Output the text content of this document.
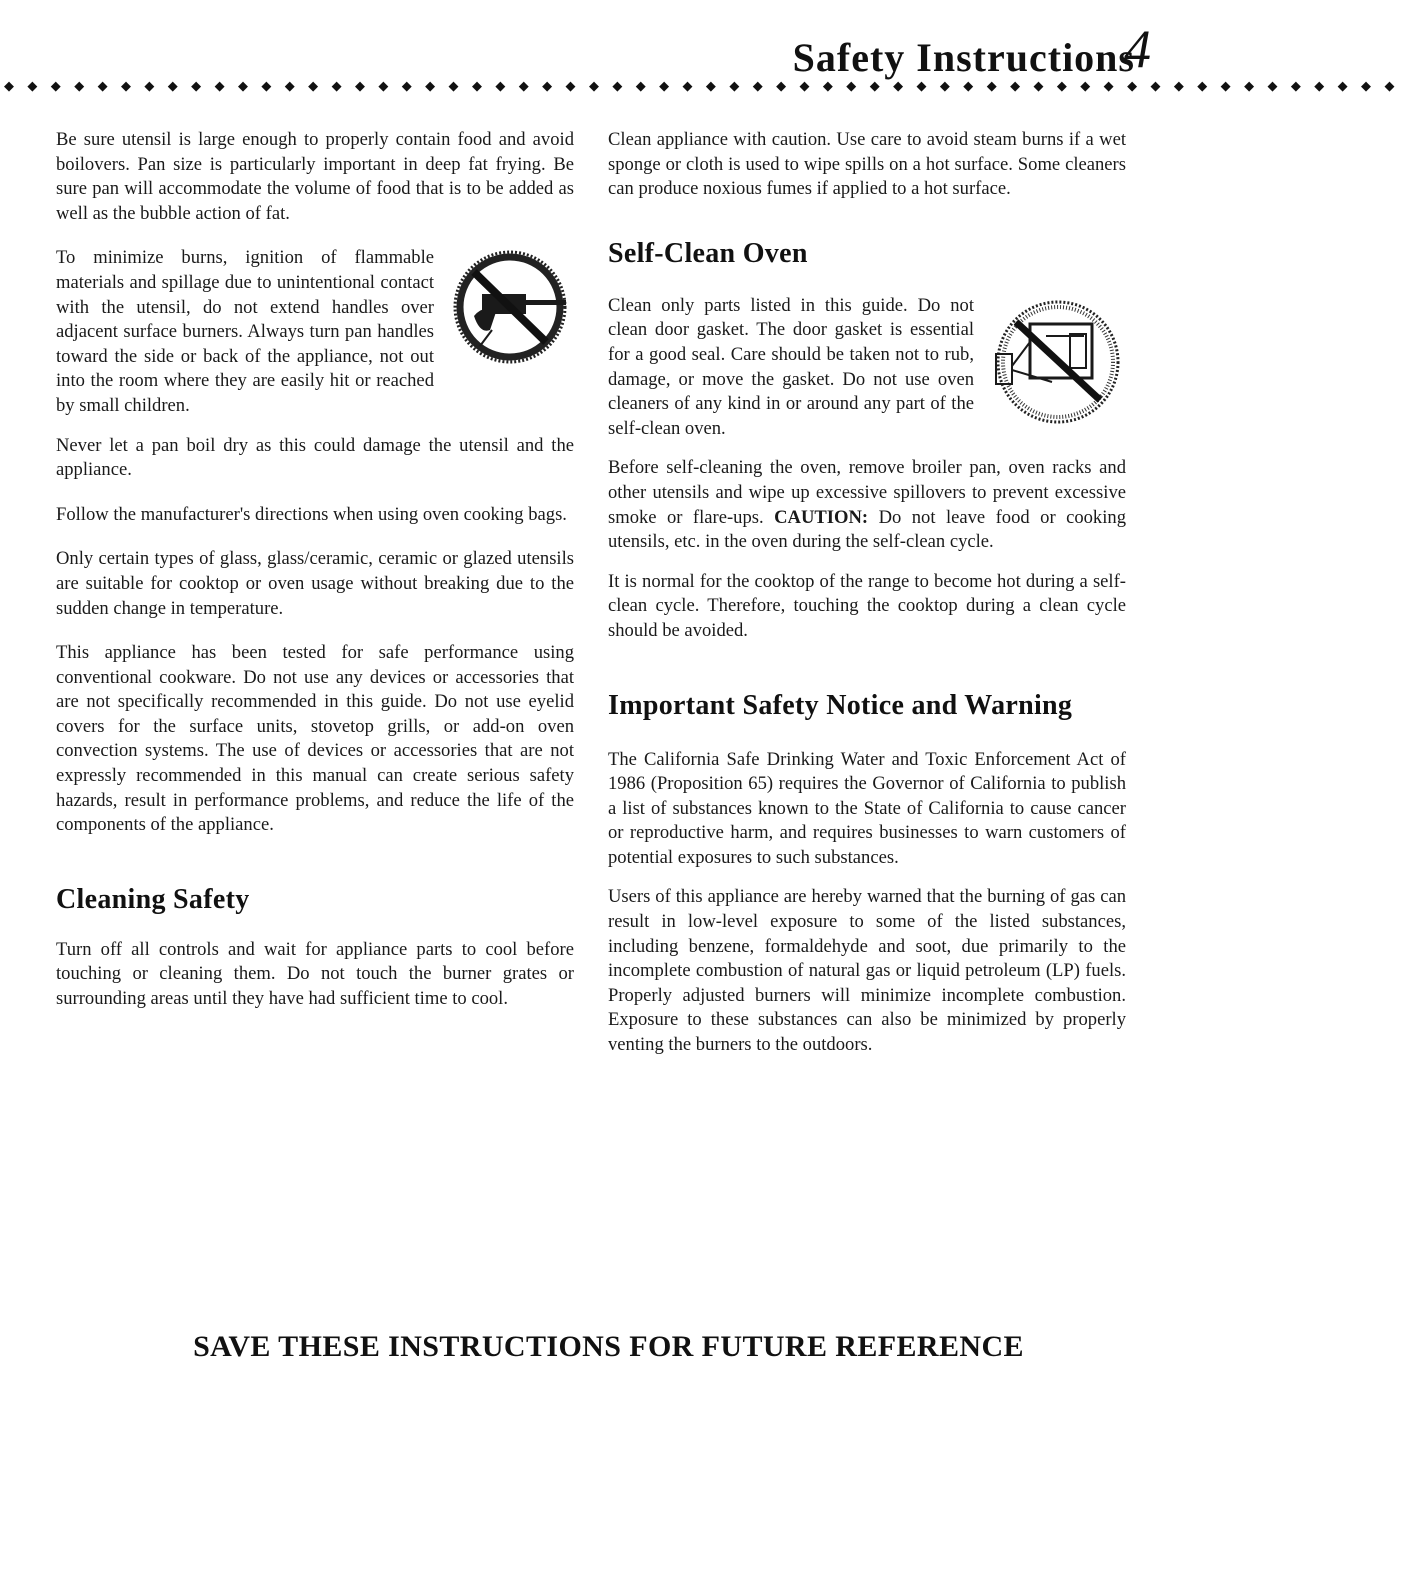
Safety Instructions
4
◆◆◆◆◆◆◆◆◆◆◆◆◆◆◆◆◆◆◆◆◆◆◆◆◆◆◆◆◆◆◆◆◆◆◆◆◆◆◆◆◆◆◆◆◆◆◆◆◆◆◆◆◆◆◆◆◆◆◆◆

Be sure utensil is large enough to properly contain food and avoid boilovers. Pan size is particularly important in deep fat frying. Be sure pan will accommodate the volume of food that is to be added as well as the bubble action of fat.

To minimize burns, ignition of flammable materials and spillage due to unintentional contact with the utensil, do not extend handles over adjacent surface burners. Always turn pan handles toward the side or back of the appliance, not out into the room where they are easily hit or reached by small children.

Never let a pan boil dry as this could damage the utensil and the appliance.

Follow the manufacturer's directions when using oven cooking bags.

Only certain types of glass, glass/ceramic, ceramic or glazed utensils are suitable for cooktop or oven usage without breaking due to the sudden change in temperature.

This appliance has been tested for safe performance using conventional cookware. Do not use any devices or accessories that are not specifically recommended in this guide. Do not use eyelid covers for the surface units, stovetop grills, or add-on oven convection systems. The use of devices or accessories that are not expressly recommended in this manual can create serious safety hazards, result in performance problems, and reduce the life of the components of the appliance.

Cleaning Safety

Turn off all controls and wait for appliance parts to cool before touching or cleaning them. Do not touch the burner grates or surrounding areas until they have had sufficient time to cool.

Clean appliance with caution. Use care to avoid steam burns if a wet sponge or cloth is used to wipe spills on a hot surface. Some cleaners can produce noxious fumes if applied to a hot surface.

Self-Clean Oven

Clean only parts listed in this guide. Do not clean door gasket. The door gasket is essential for a good seal. Care should be taken not to rub, damage, or move the gasket. Do not use oven cleaners of any kind in or around any part of the self-clean oven.

Before self-cleaning the oven, remove broiler pan, oven racks and other utensils and wipe up excessive spillovers to prevent excessive smoke or flare-ups. CAUTION: Do not leave food or cooking utensils, etc. in the oven during the self-clean cycle.

It is normal for the cooktop of the range to become hot during a self-clean cycle. Therefore, touching the cooktop during a clean cycle should be avoided.

Important Safety Notice and Warning

The California Safe Drinking Water and Toxic Enforcement Act of 1986 (Proposition 65) requires the Governor of California to publish a list of substances known to the State of California to cause cancer or reproductive harm, and requires businesses to warn customers of potential exposures to such substances.

Users of this appliance are hereby warned that the burning of gas can result in low-level exposure to some of the listed substances, including benzene, formaldehyde and soot, due primarily to the incomplete combustion of natural gas or liquid petroleum (LP) fuels. Properly adjusted burners will minimize incomplete combustion. Exposure to these substances can also be minimized by properly venting the burners to the outdoors.

SAVE THESE INSTRUCTIONS FOR FUTURE REFERENCE
